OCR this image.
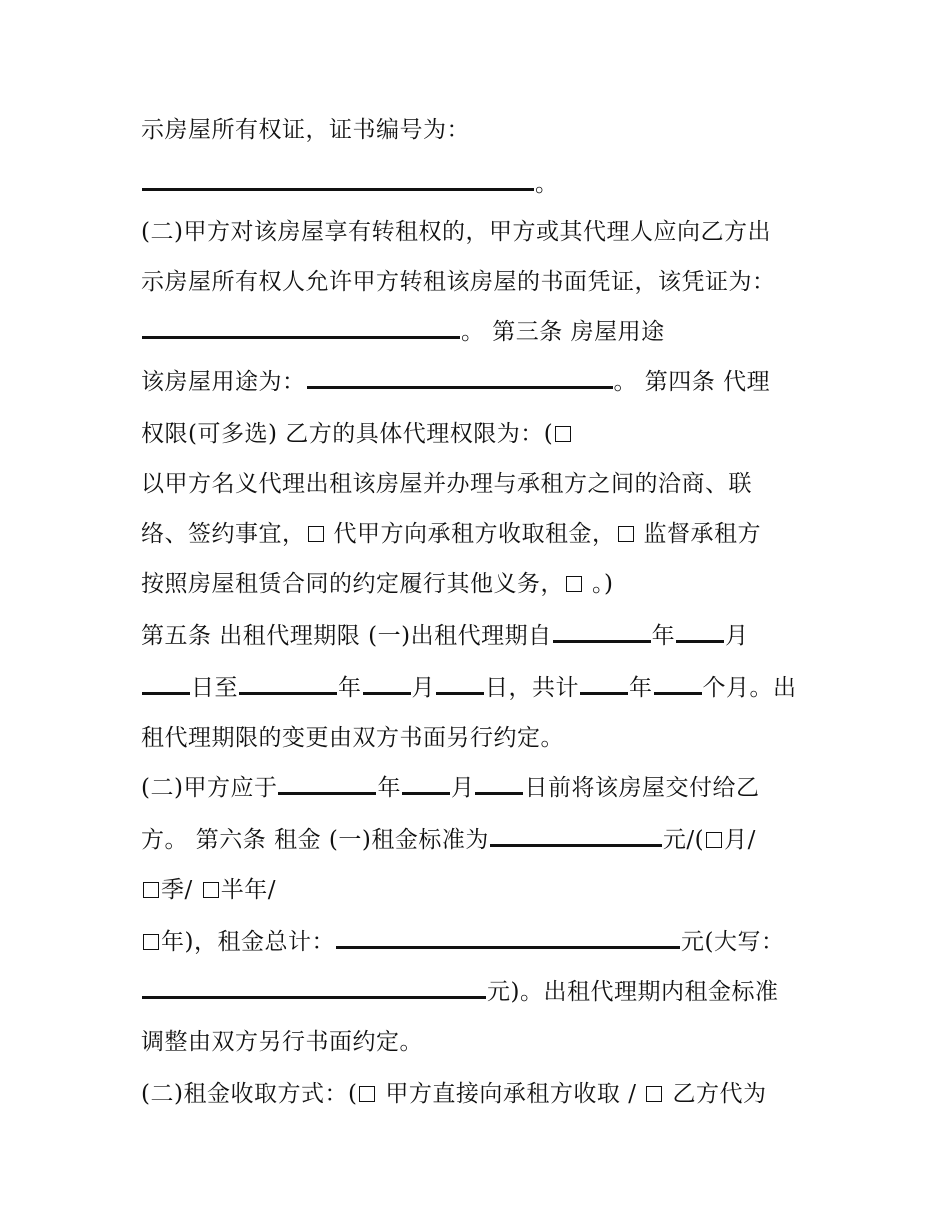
示房屋所有权证，证书编号为：
。
(二)甲方对该房屋享有转租权的，甲方或其代理人应向乙方出
示房屋所有权人允许甲方转租该房屋的书面凭证，该凭证为：
。 第三条 房屋用途
该房屋用途为：	。 第四条 代理
权限(可多选) 乙方的具体代理权限为：(
以甲方名义代理出租该房屋并办理与承租方之间的洽商、联
络、签约事宜， 代甲方向承租方收取租金， 监督承租方
按照房屋租赁合同的约定履行其他义务， 。)
第五条 出租代理期限 (一)出租代理期自	年 月
日至	年 月 日，共计 年 个月。出
租代理期限的变更由双方书面另行约定。
(二)甲方应于	年 月 日前将该房屋交付给乙
方。 第六条 租金 (一)租金标准为	元/( 月/
季/ 半年/
年)，租金总计：	元(大写：
元)。出租代理期内租金标准
调整由双方另行书面约定。
(二)租金收取方式：( 甲方直接向承租方收取 / 乙方代为
